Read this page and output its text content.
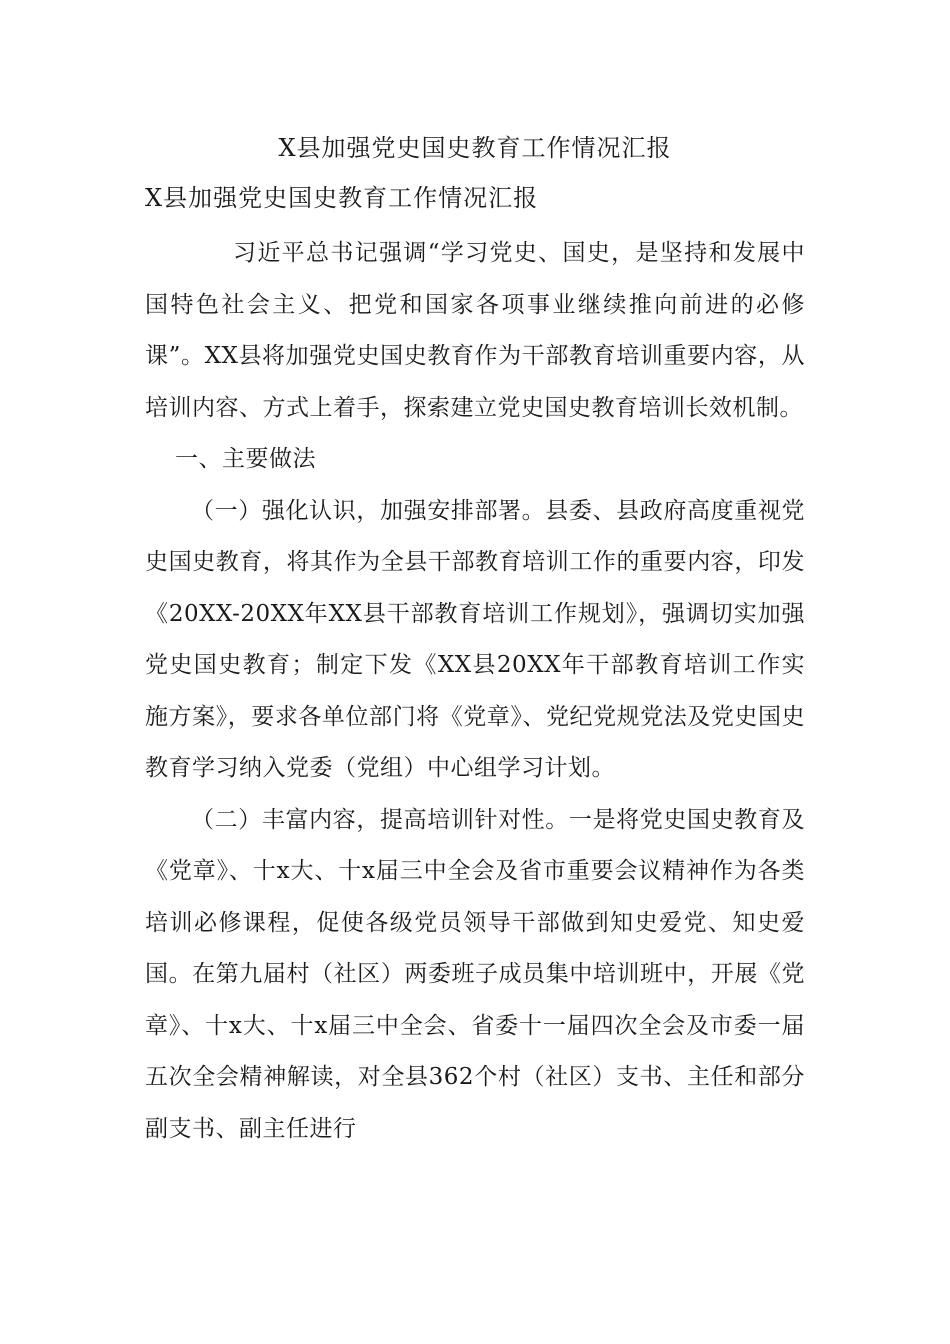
X县加强党史国史教育工作情况汇报
X县加强党史国史教育工作情况汇报

习近平总书记强调“学习党史、国史，是坚持和发展中国特色社会主义、把党和国家各项事业继续推向前进的必修课”。XX县将加强党史国史教育作为干部教育培训重要内容，从培训内容、方式上着手，探索建立党史国史教育培训长效机制。

一、主要做法

（一）强化认识，加强安排部署。县委、县政府高度重视党史国史教育，将其作为全县干部教育培训工作的重要内容，印发《20XX-20XX年XX县干部教育培训工作规划》，强调切实加强党史国史教育；制定下发《XX县20XX年干部教育培训工作实施方案》，要求各单位部门将《党章》、党纪党规党法及党史国史教育学习纳入党委（党组）中心组学习计划。

（二）丰富内容，提高培训针对性。一是将党史国史教育及《党章》、十x大、十x届三中全会及省市重要会议精神作为各类培训必修课程，促使各级党员领导干部做到知史爱党、知史爱国。在第九届村（社区）两委班子成员集中培训班中，开展《党章》、十x大、十x届三中全会、省委十一届四次全会及市委一届五次全会精神解读，对全县362个村（社区）支书、主任和部分副支书、副主任进行
